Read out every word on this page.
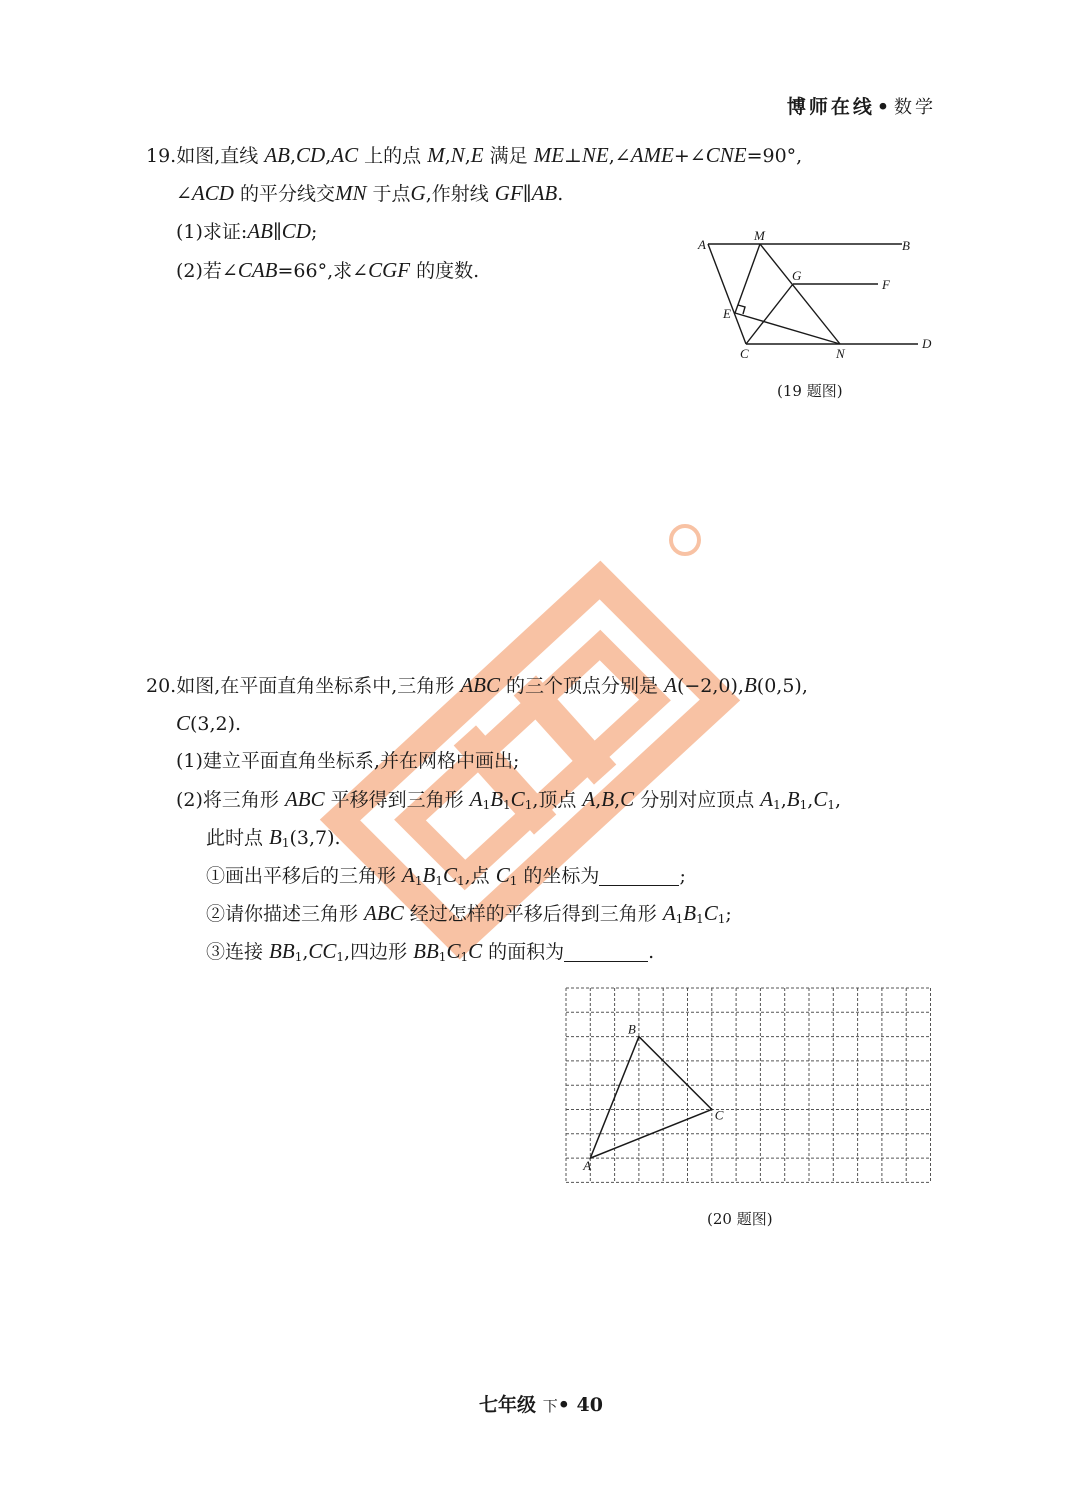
博师在线 • 数学
19.如图,直线 AB,CD,AC 上的点 M,N,E 满足 ME⊥NE,∠AME+∠CNE=90°,
∠ACD 的平分线交MN 于点G,作射线 GF∥AB.
(1)求证:AB∥CD;
(2)若∠CAB=66°,求∠CGF 的度数.
A
M
B
G
F
E
C	N
D
(19 题图)
20.如图,在平面直角坐标系中,三角形 ABC 的三个顶点分别是 A(−2,0),B(0,5),
C(3,2).
(1)建立平面直角坐标系,并在网格中画出;
(2)将三角形 ABC 平移得到三角形 $A_1B_1C_1$,顶点 A,B,C 分别对应顶点 $A_1,B_1,C_1$,
此时点 $B_1(3,7)$.
①画出平移后的三角形 $A_1B_1C_1$,点 $C_1$ 的坐标为	;
②请你描述三角形 ABC 经过怎样的平移后得到三角形 $A_1B_1C_1$;
③连接 $BB_1,CC_1$,四边形 $BB_1C_1C$ 的面积为	.
B
C
A
(20 题图)
七年级 下• 40
